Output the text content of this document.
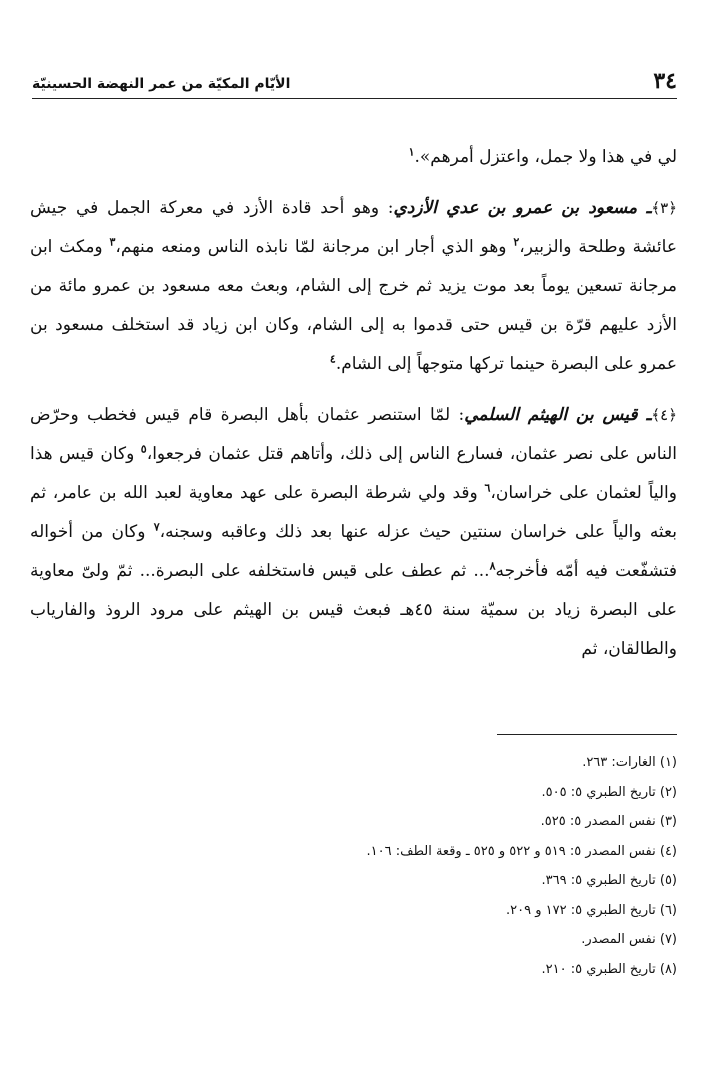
٣٤
الأيّام المكيّة من عمر النهضة الحسينيّة

لي في هذا ولا جمل، واعتزل أمرهم».$^١$

﴿٣﴾ـ مسعود بن عمرو بن عدي الأزدي: وهو أحد قادة الأزد في معركة الجمل في جيش عائشة وطلحة والزبير،$^٢$ وهو الذي أجار ابن مرجانة لمّا نابذه الناس ومنعه منهم،$^٣$ ومكث ابن مرجانة تسعين يوماً بعد موت يزيد ثم خرج إلى الشام، وبعث معه مسعود بن عمرو مائة من الأزد عليهم قرّة بن قيس حتى قدموا به إلى الشام، وكان ابن زياد قد استخلف مسعود بن عمرو على البصرة حينما تركها متوجهاً إلى الشام.$^٤$

﴿٤﴾ـ قيس بن الهيثم السلمي: لمّا استنصر عثمان بأهل البصرة قام قيس فخطب وحرّض الناس على نصر عثمان، فسارع الناس إلى ذلك، وأتاهم قتل عثمان فرجعوا،$^٥$ وكان قيس هذا والياً لعثمان على خراسان،$^٦$ وقد ولي شرطة البصرة على عهد معاوية لعبد الله بن عامر، ثم بعثه والياً على خراسان سنتين حيث عزله عنها بعد ذلك وعاقبه وسجنه،$^٧$ وكان من أخواله فتشفّعت فيه أمّه فأخرجه$^٨$... ثم عطف على قيس فاستخلفه على البصرة... ثمّ ولىّ معاوية على البصرة زياد بن سميّة سنة ٤٥هـ فبعث قيس بن الهيثم على مرود الروذ والفارياب والطالقان، ثم

(١) الغارات: ٢٦٣.
(٢) تاريخ الطبري ٥: ٥٠٥.
(٣) نفس المصدر ٥: ٥٢٥.
(٤) نفس المصدر ٥: ٥١٩ و ٥٢٢ و ٥٢٥ ـ وقعة الطف: ١٠٦.
(٥) تاريخ الطبري ٥: ٣٦٩.
(٦) تاريخ الطبري ٥: ١٧٢ و ٢٠٩.
(٧) نفس المصدر.
(٨) تاريخ الطبري ٥: ٢١٠.
